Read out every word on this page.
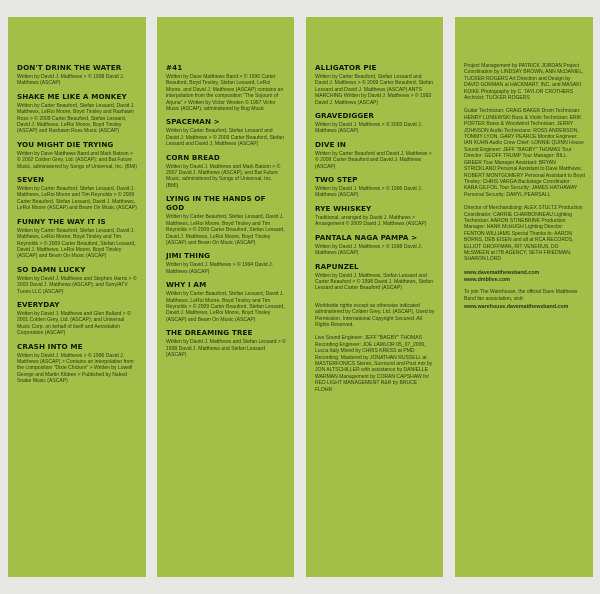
DON'T DRINK THE WATER
Written by David J. Matthews > © 1998 David J. Matthews (ASCAP)
SHAKE ME LIKE A MONKEY
Written by Carter Beauford, Stefan Lessard, David J. Matthews, LeRoi Moore, Boyd Tinsley and Rashawn Ross > © 2009 Carter Beauford, Stefan Lessard, David J. Matthews, LeRoi Moore, Boyd Tinsley (ASCAP) and Rashawn Ross Music (ASCAP)
YOU MIGHT DIE TRYING
Written by Dave Matthews Band and Mark Batson > © 2002 Colden Grey, Ltd. (ASCAP); and Bat Future Music, administered by Songs of Universal, Inc. (BMI)
SEVEN
Written by Carter Beauford, Stefan Lessard, David J. Matthews, LeRoi Moore and Tim Reynolds > © 2009 Carter Beauford, Stefan Lessard, David J. Matthews, LeRoi Moore (ASCAP) and Beam On Music (ASCAP)
FUNNY THE WAY IT IS
Written by Carter Beauford, Stefan Lessard, David J. Matthews, LeRoi Moore, Boyd Tinsley and Tim Reynolds > © 2009 Carter Beauford, Stefan Lessard, David J. Matthews, LeRoi Moore, Boyd Tinsley (ASCAP) and Beam On Music (ASCAP)
SO DAMN LUCKY
Written by David J. Matthews and Stephen Harris > © 2003 David J. Matthews (ASCAP); and Sony/ATV Tunes LLC (ASCAP)
EVERYDAY
Written by David J. Matthews and Glen Ballard > © 2001 Colden Grey, Ltd. (ASCAP); and Universal Music Corp. on behalf of itself and Aerostation Corporation (ASCAP)
CRASH INTO ME
Written by David J. Matthews > © 1996 David J. Matthews (ASCAP) > Contains an interpolation from the composition "Dixie Chicken" > Written by Lowell George and Martin Kibbee > Published by Naked Snake Music (ASCAP)
#41
Written by Dave Matthews Band > © 1996 Carter Beauford, Boyd Tinsley, Stefan Lessard, LeRoi Moore, and David J. Matthews (ASCAP) contains an interpolation from the composition "The Sojourn of Arjuna" > Written by Victor Wooten © 1997 Vicfor Music (ASCAP), administered by Bug Music
SPACEMAN >
Written by Carter Beauford, Stefan Lessard and David J. Matthews > © 2009 Carter Beauford, Stefan Lessard and David J. Matthews (ASCAP)
CORN BREAD
Written by David J. Matthews and Mark Batson > © 2007 David J. Matthews (ASCAP); and Bat Future Music, administered by Songs of Universal, Inc. (BMI)
LYING IN THE HANDS OF GOD
Written by Carter Beauford, Stefan Lessard, David J. Matthews, LeRoi Moore, Boyd Tinsley and Tim Reynolds > © 2009 Carter Beauford, Stefan Lessard, David J. Matthews, LeRoi Moore, Boyd Tinsley (ASCAP) and Beam On Music (ASCAP)
JIMI THING
Written by David J. Matthews > © 1994 David J. Matthews (ASCAP)
WHY I AM
Written by Carter Beauford, Stefan Lessard, David J. Matthews, LeRoi Moore, Boyd Tinsley and Tim Reynolds > © 2009 Carter Beauford, Stefan Lessard, David J. Matthews, LeRoi Moore, Boyd Tinsley (ASCAP) and Beam On Music (ASCAP)
THE DREAMING TREE
Written by David J. Matthews and Stefan Lessard > © 1998 David J. Matthews and Stefan Lessard (ASCAP)
ALLIGATOR PIE
Written by Carter Beauford, Stefan Lessard and David J. Matthews > © 2009 Carter Beauford, Stefan Lessard and David J. Matthews (ASCAP) ANTS MARCHING Written by David J. Matthews > © 1993 David J. Matthews (ASCAP)
GRAVEDIGGER
Written by David J. Matthews > © 2003 David J. Matthews (ASCAP)
DIVE IN
Written by Carter Beauford and David J. Matthews > © 2009 Carter Beauford and David J. Matthews (ASCAP)
TWO STEP
Written by David J. Matthews > © 1996 David J. Matthews (ASCAP)
RYE WHISKEY
Traditional, arranged by David J. Matthews > Arrangement © 2009 David J. Matthews (ASCAP)
PANTALA NAGA PAMPA >
Written by David J. Matthews > © 1998 David J. Matthews (ASCAP)
RAPUNZEL
Written by David J. Matthews, Stefan Lessard and Carter Beauford > © 1998 David J. Matthews, Stefan Lessard and Carter Beauford (ASCAP)
Worldwide rights except as otherwise indicated administered by Colden Grey, Ltd. (ASCAP), Used by Permission. International Copyright Secured. All Rights Reserved.
Live Sound Engineer: JEFF "BAGBY" THOMAS Recording Engineer: JOE LAWLOR 05_07_2009, Lucca Italy Mixed by CHRIS KRESS at PMD Recording. Mastered by JONATHAN RUSSELL at MASTERFONICS Stereo, Surround and Post mix by JON ALTSCHILLER with assistance by DANIELLE WARMAN Management by CORAN CAPSHAW for RED LIGHT MANAGEMENT R&R by BRUCE FLOHR
Project Management by PATRICK JORDAN Project Coordination by LINDSAY BROWN, ANN McDANIEL, TUCKER ROGERS Art Direction and Design by DAVID GORMAN at HACKMART, INC. and MASAKI KOIKE Photography by C. TAYLOR CROTHERS Archivist: TUCKER ROGERS
Guitar Technician: CRAIG BAKER Drum Technician: HENRY LUNIEWSKI Bass & Violin Technician: ERIK PORTER Brass & Woodwind Technician: JERRY JOHNSON Audio Technicians: ROSS ANDERSON, TOMMY LYON, GARY PEARCE Monitor Engineer: IAN KUHN Audio Crew Chief: LONNIE QUINN House Sound Engineer: JEFF "BAGBY" THOMAS Tour Director: GEOFF TRUMP Tour Manager: BILL GREER Tour Manager Assistant: BRYAN STRICKLAND Personal Assistant to Dave Matthews: ROBERT MONTGOMERY Personal Assistant to Boyd Tinsley: CHRIS VARGA Backstage Coordinator: KARA GILFOIL Tour Security: JAMES HATHAWAY Personal Security: DARYL PEARSALL
Director of Merchandising: ALEX STULTZ Production Coordinator: CARRIE CHARBONNEAU Lighting Technician: AARON STINEBRINK Production Manager: HANK McHUGH Lighting Director: FENTON WILLIAMS Special Thanks to: AARON BORNS, DEB EISEN and all at RCA RECORDS, ELLIOT GROFFMAN, RIT VENERUS, DO McSWEEN at ITB AGENCY, SETH FRIEDMAN, SHARON LORD
www.davematthewsband.com
www.dmblive.com
To join The Warehouse, the official Dave Matthews Band fan association, visit:
www.warehouse.davematthewsband.com
